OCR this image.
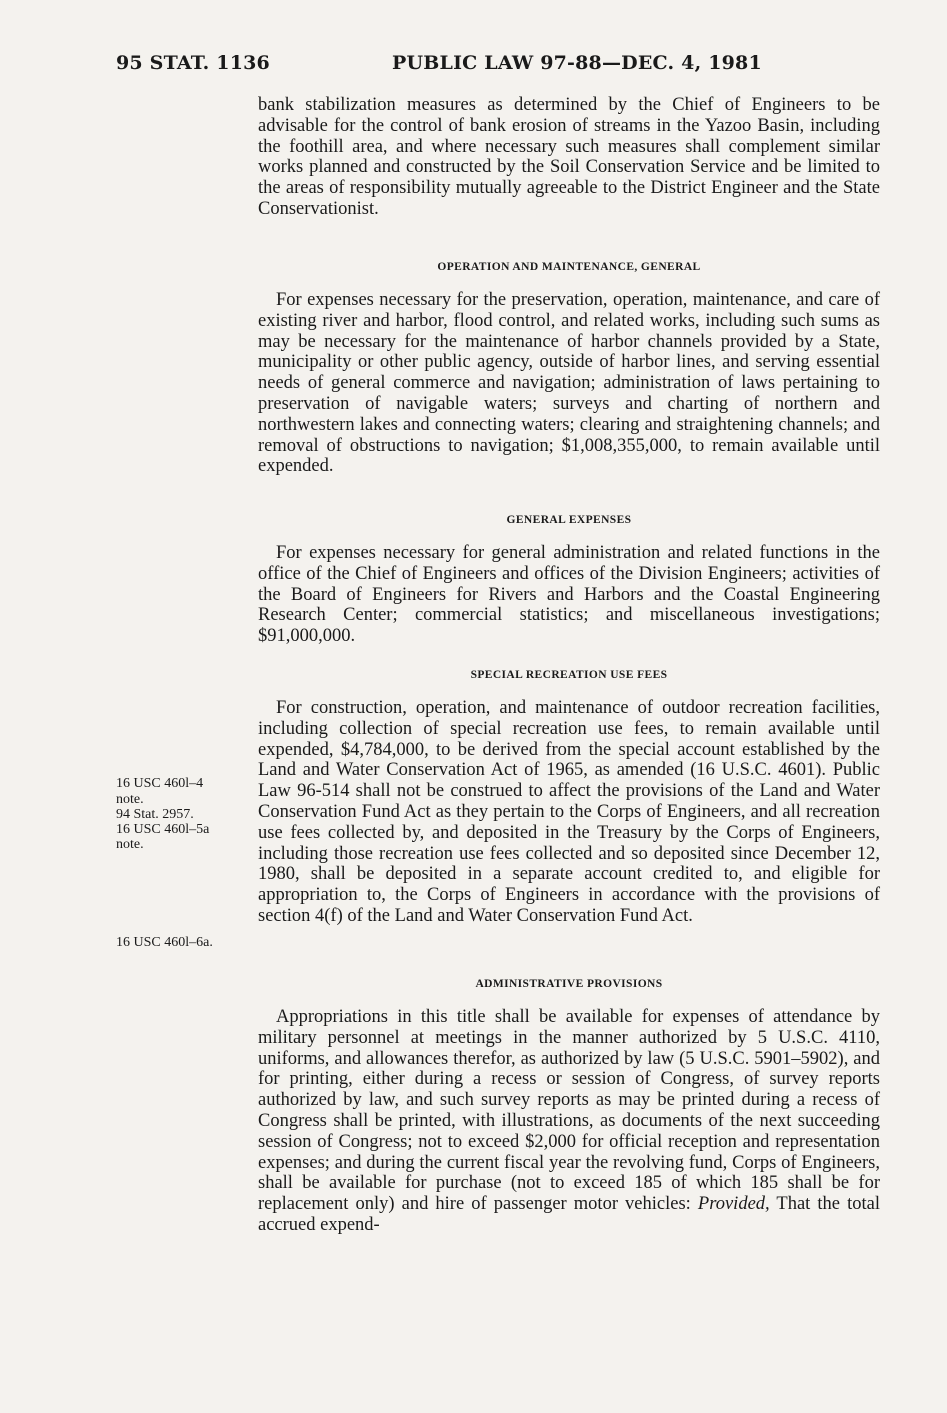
95 STAT. 1136	PUBLIC LAW 97-88—DEC. 4, 1981

bank stabilization measures as determined by the Chief of Engineers to be advisable for the control of bank erosion of streams in the Yazoo Basin, including the foothill area, and where necessary such measures shall complement similar works planned and constructed by the Soil Conservation Service and be limited to the areas of responsibility mutually agreeable to the District Engineer and the State Conservationist.

OPERATION AND MAINTENANCE, GENERAL

For expenses necessary for the preservation, operation, maintenance, and care of existing river and harbor, flood control, and related works, including such sums as may be necessary for the maintenance of harbor channels provided by a State, municipality or other public agency, outside of harbor lines, and serving essential needs of general commerce and navigation; administration of laws pertaining to preservation of navigable waters; surveys and charting of northern and northwestern lakes and connecting waters; clearing and straightening channels; and removal of obstructions to navigation; $1,008,355,000, to remain available until expended.

GENERAL EXPENSES

For expenses necessary for general administration and related functions in the office of the Chief of Engineers and offices of the Division Engineers; activities of the Board of Engineers for Rivers and Harbors and the Coastal Engineering Research Center; commercial statistics; and miscellaneous investigations; $91,000,000.

SPECIAL RECREATION USE FEES

For construction, operation, and maintenance of outdoor recreation facilities, including collection of special recreation use fees, to remain available until expended, $4,784,000, to be derived from the special account established by the Land and Water Conservation Act of 1965, as amended (16 U.S.C. 4601). Public Law 96-514 shall not be construed to affect the provisions of the Land and Water Conservation Fund Act as they pertain to the Corps of Engineers, and all recreation use fees collected by, and deposited in the Treasury by the Corps of Engineers, including those recreation use fees collected and so deposited since December 12, 1980, shall be deposited in a separate account credited to, and eligible for appropriation to, the Corps of Engineers in accordance with the provisions of section 4(f) of the Land and Water Conservation Fund Act.

ADMINISTRATIVE PROVISIONS

Appropriations in this title shall be available for expenses of attendance by military personnel at meetings in the manner authorized by 5 U.S.C. 4110, uniforms, and allowances therefor, as authorized by law (5 U.S.C. 5901–5902), and for printing, either during a recess or session of Congress, of survey reports authorized by law, and such survey reports as may be printed during a recess of Congress shall be printed, with illustrations, as documents of the next succeeding session of Congress; not to exceed $2,000 for official reception and representation expenses; and during the current fiscal year the revolving fund, Corps of Engineers, shall be available for purchase (not to exceed 185 of which 185 shall be for replacement only) and hire of passenger motor vehicles: Provided, That the total accrued expend-

16 USC 460l–4
note.
94 Stat. 2957.
16 USC 460l–5a
note.
16 USC 460l–6a.
